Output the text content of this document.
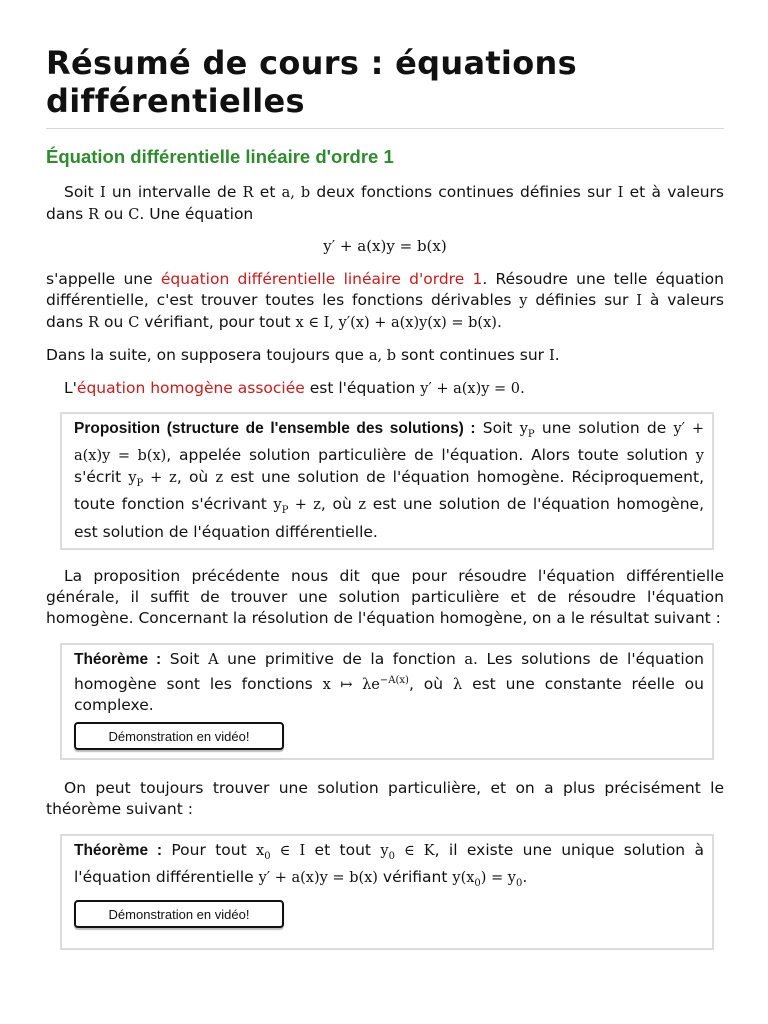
Résumé de cours : équations différentielles
Équation différentielle linéaire d'ordre 1

Soit I un intervalle de R et a, b deux fonctions continues définies sur I et à valeurs dans R ou C. Une équation

y′ + a(x)y = b(x)

s'appelle une équation différentielle linéaire d'ordre 1. Résoudre une telle équation différentielle, c'est trouver toutes les fonctions dérivables y définies sur I à valeurs dans R ou C vérifiant, pour tout x ∈ I, y′(x) + a(x)y(x) = b(x).

Dans la suite, on supposera toujours que a, b sont continues sur I.

L'équation homogène associée est l'équation y′ + a(x)y = 0.

Proposition (structure de l'ensemble des solutions) : Soit $y_P$ une solution de y′ + a(x)y = b(x), appelée solution particulière de l'équation. Alors toute solution y s'écrit $y_P + z$, où z est une solution de l'équation homogène. Réciproquement, toute fonction s'écrivant $y_P + z$, où z est une solution de l'équation homogène, est solution de l'équation différentielle.

La proposition précédente nous dit que pour résoudre l'équation différentielle générale, il suffit de trouver une solution particulière et de résoudre l'équation homogène. Concernant la résolution de l'équation homogène, on a le résultat suivant :

Théorème : Soit A une primitive de la fonction a. Les solutions de l'équation homogène sont les fonctions x ↦ $\lambda e^{-A(x)}$, où λ est une constante réelle ou complexe.

Démonstration en vidéo!

On peut toujours trouver une solution particulière, et on a plus précisément le théorème suivant :

Théorème : Pour tout $x_0$ ∈ I et tout $y_0$ ∈ K, il existe une unique solution à l'équation différentielle y′ + a(x)y = b(x) vérifiant $y(x_0) = y_0$.

Démonstration en vidéo!
